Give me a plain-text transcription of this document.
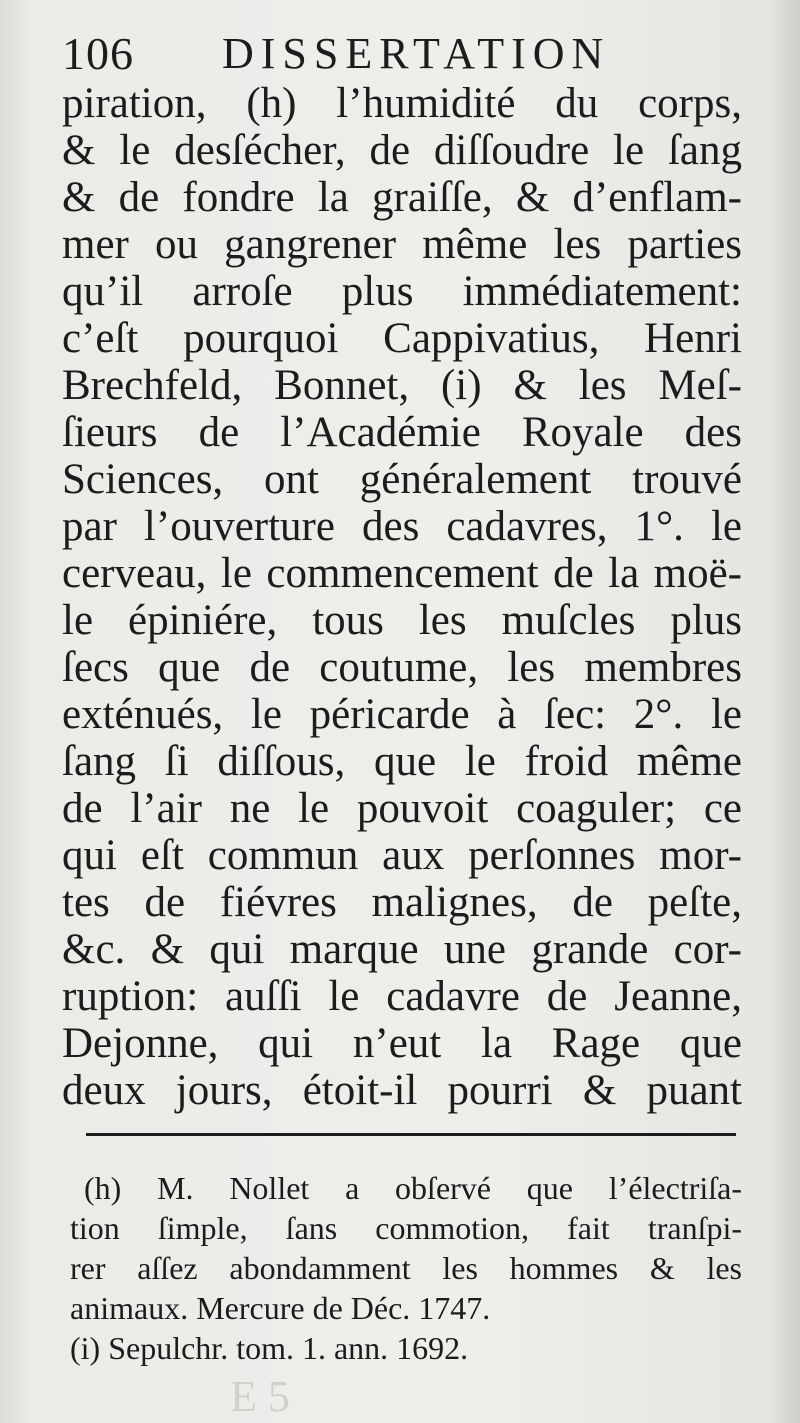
106 DISSERTATION
piration, (h) l’humidité du corps,
& le desſécher, de diſſoudre le ſang
& de fondre la graiſſe, & d’enflam-
mer ou gangrener même les parties
qu’il arroſe plus immédiatement:
c’eſt pourquoi Cappivatius, Henri
Brechfeld, Bonnet, (i) & les Meſ-
ſieurs de l’Académie Royale des
Sciences, ont généralement trouvé
par l’ouverture des cadavres, 1°. le
cerveau, le commencement de la moë-
le épiniére, tous les muſcles plus
ſecs que de coutume, les membres
exténués, le péricarde à ſec: 2°. le
ſang ſi diſſous, que le froid même
de l’air ne le pouvoit coaguler; ce
qui eſt commun aux perſonnes mor-
tes de fiévres malignes, de peſte,
&c. & qui marque une grande cor-
ruption: auſſi le cadavre de Jeanne,
Dejonne, qui n’eut la Rage que
deux jours, étoit-il pourri & puant
(h) M. Nollet a obſervé que l’électriſa-
tion ſimple, ſans commotion, fait tranſpi-
rer aſſez abondamment les hommes & les
animaux. Mercure de Déc. 1747.
(i) Sepulchr. tom. 1. ann. 1692.
E 5
